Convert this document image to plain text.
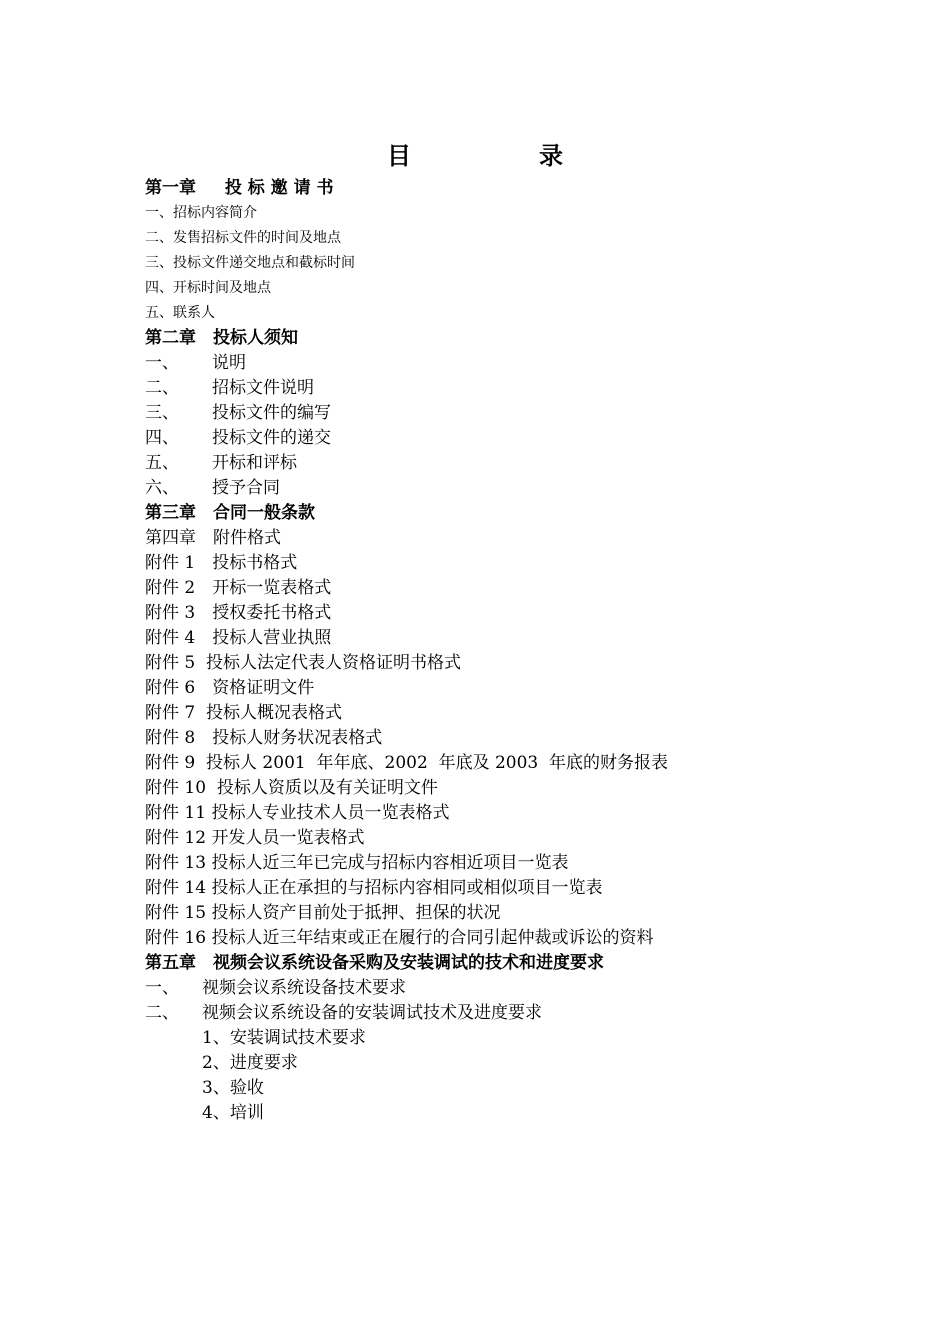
目	录
第一章　  投 标 邀 请 书
一、招标内容简介
二、发售招标文件的时间及地点
三、投标文件递交地点和截标时间
四、开标时间及地点
五、联系人
第二章　投标人须知
一、 说明
二、 招标文件说明
三、 投标文件的编写
四、 投标文件的递交
五、 开标和评标
六、 授予合同
第三章　合同一般条款
第四章　附件格式
附件 1　投标书格式
附件 2　开标一览表格式
附件 3　授权委托书格式
附件 4　投标人营业执照
附件 5  投标人法定代表人资格证明书格式
附件 6　资格证明文件
附件 7  投标人概况表格式
附件 8　投标人财务状况表格式
附件 9  投标人 2001  年年底、2002  年底及 2003  年底的财务报表
附件 10  投标人资质以及有关证明文件
附件 11 投标人专业技术人员一览表格式
附件 12 开发人员一览表格式
附件 13 投标人近三年已完成与招标内容相近项目一览表
附件 14 投标人正在承担的与招标内容相同或相似项目一览表
附件 15 投标人资产目前处于抵押、担保的状况
附件 16 投标人近三年结束或正在履行的合同引起仲裁或诉讼的资料
第五章　视频会议系统设备采购及安装调试的技术和进度要求
一、 视频会议系统设备技术要求
二、 视频会议系统设备的安装调试技术及进度要求
1、安装调试技术要求
2、进度要求
3、验收
4、培训
